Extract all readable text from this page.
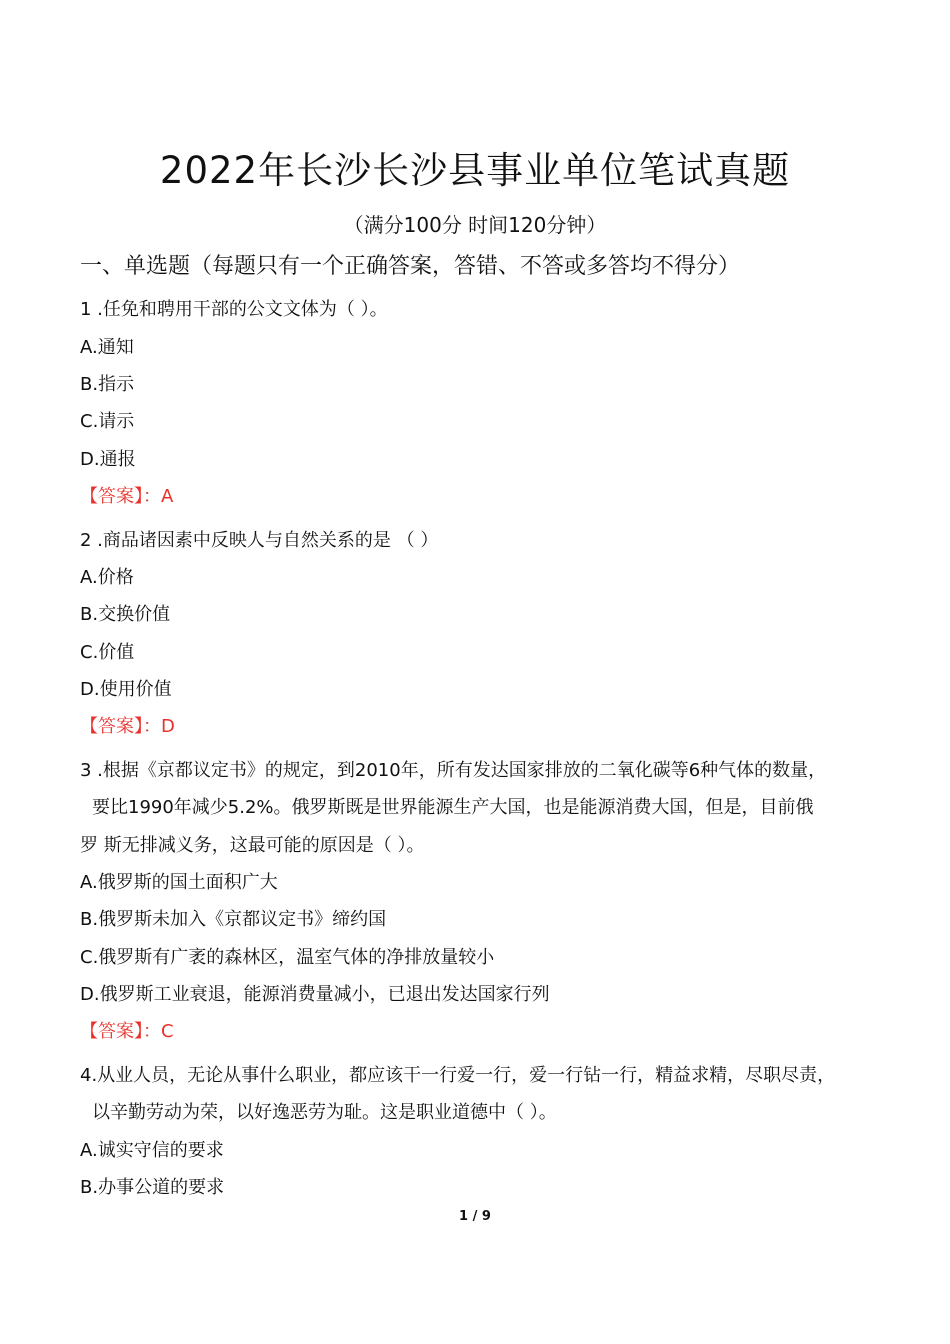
2022年长沙长沙县事业单位笔试真题
（满分100分 时间120分钟）
一、单选题（每题只有一个正确答案，答错、不答或多答均不得分）
1 .任免和聘用干部的公文文体为（ ）。
A.通知
B.指示
C.请示
D.通报
【答案】：A
2 .商品诸因素中反映人与自然关系的是 （ ）
A.价格
B.交换价值
C.价值
D.使用价值
【答案】：D
3 .根据《京都议定书》的规定，到2010年，所有发达国家排放的二氧化碳等6种气体的数量，
要比1990年减少5.2%。俄罗斯既是世界能源生产大国，也是能源消费大国，但是，目前俄
罗 斯无排减义务，这最可能的原因是（ ）。
A.俄罗斯的国土面积广大
B.俄罗斯未加入《京都议定书》缔约国
C.俄罗斯有广袤的森林区，温室气体的净排放量较小
D.俄罗斯工业衰退，能源消费量减小，已退出发达国家行列
【答案】：C
4.从业人员，无论从事什么职业，都应该干一行爱一行，爱一行钻一行，精益求精，尽职尽责，
以辛勤劳动为荣，以好逸恶劳为耻。这是职业道德中（ ）。
A.诚实守信的要求
B.办事公道的要求
1 / 9
